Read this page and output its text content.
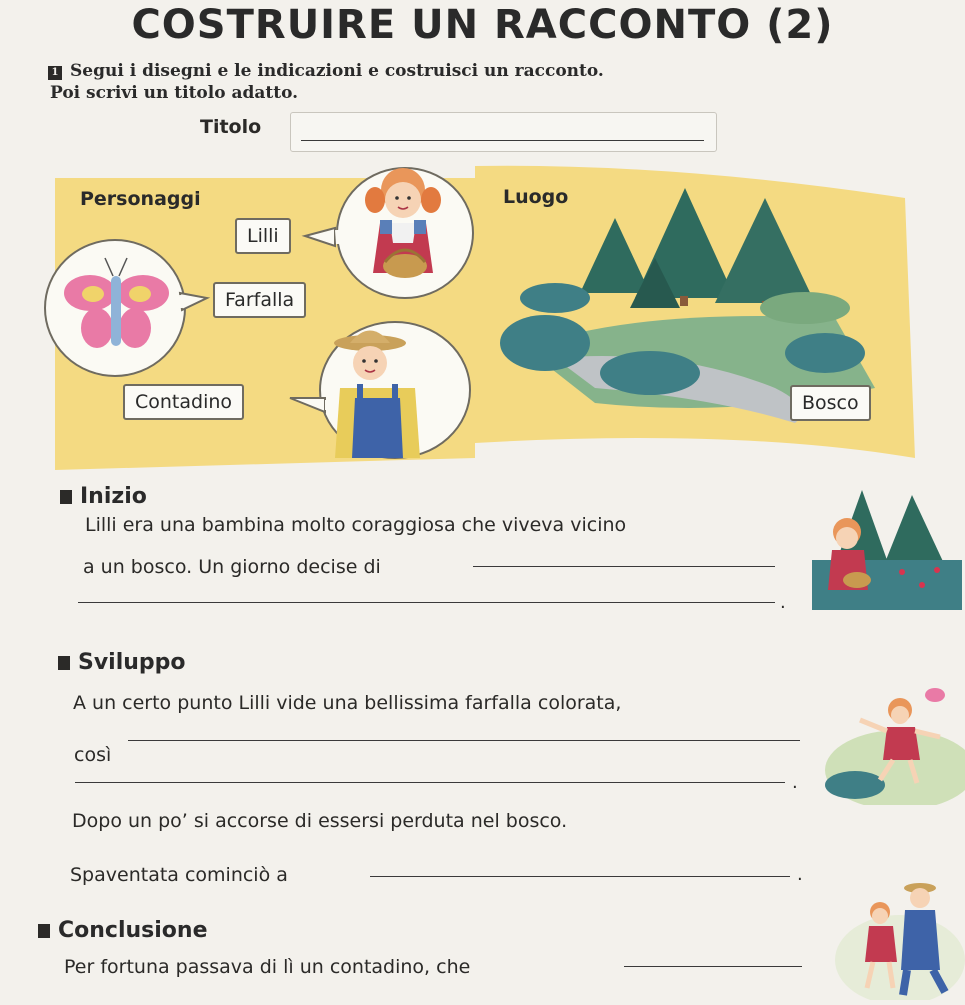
COSTRUIRE UN RACCONTO (2)
1 Segui i disegni e le indicazioni e costruisci un racconto.
Poi scrivi un titolo adatto.
Titolo
Personaggi	Luogo
Lilli
Farfalla
Contadino	Bosco
Inizio
Lilli era una bambina molto coraggiosa che viveva vicino
a un bosco. Un giorno decise di
.
Sviluppo
A un certo punto Lilli vide una bellissima farfalla colorata,
così
.
Dopo un po’ si accorse di essersi perduta nel bosco.
Spaventata cominciò a	.
Conclusione
Per fortuna passava di lì un contadino, che
